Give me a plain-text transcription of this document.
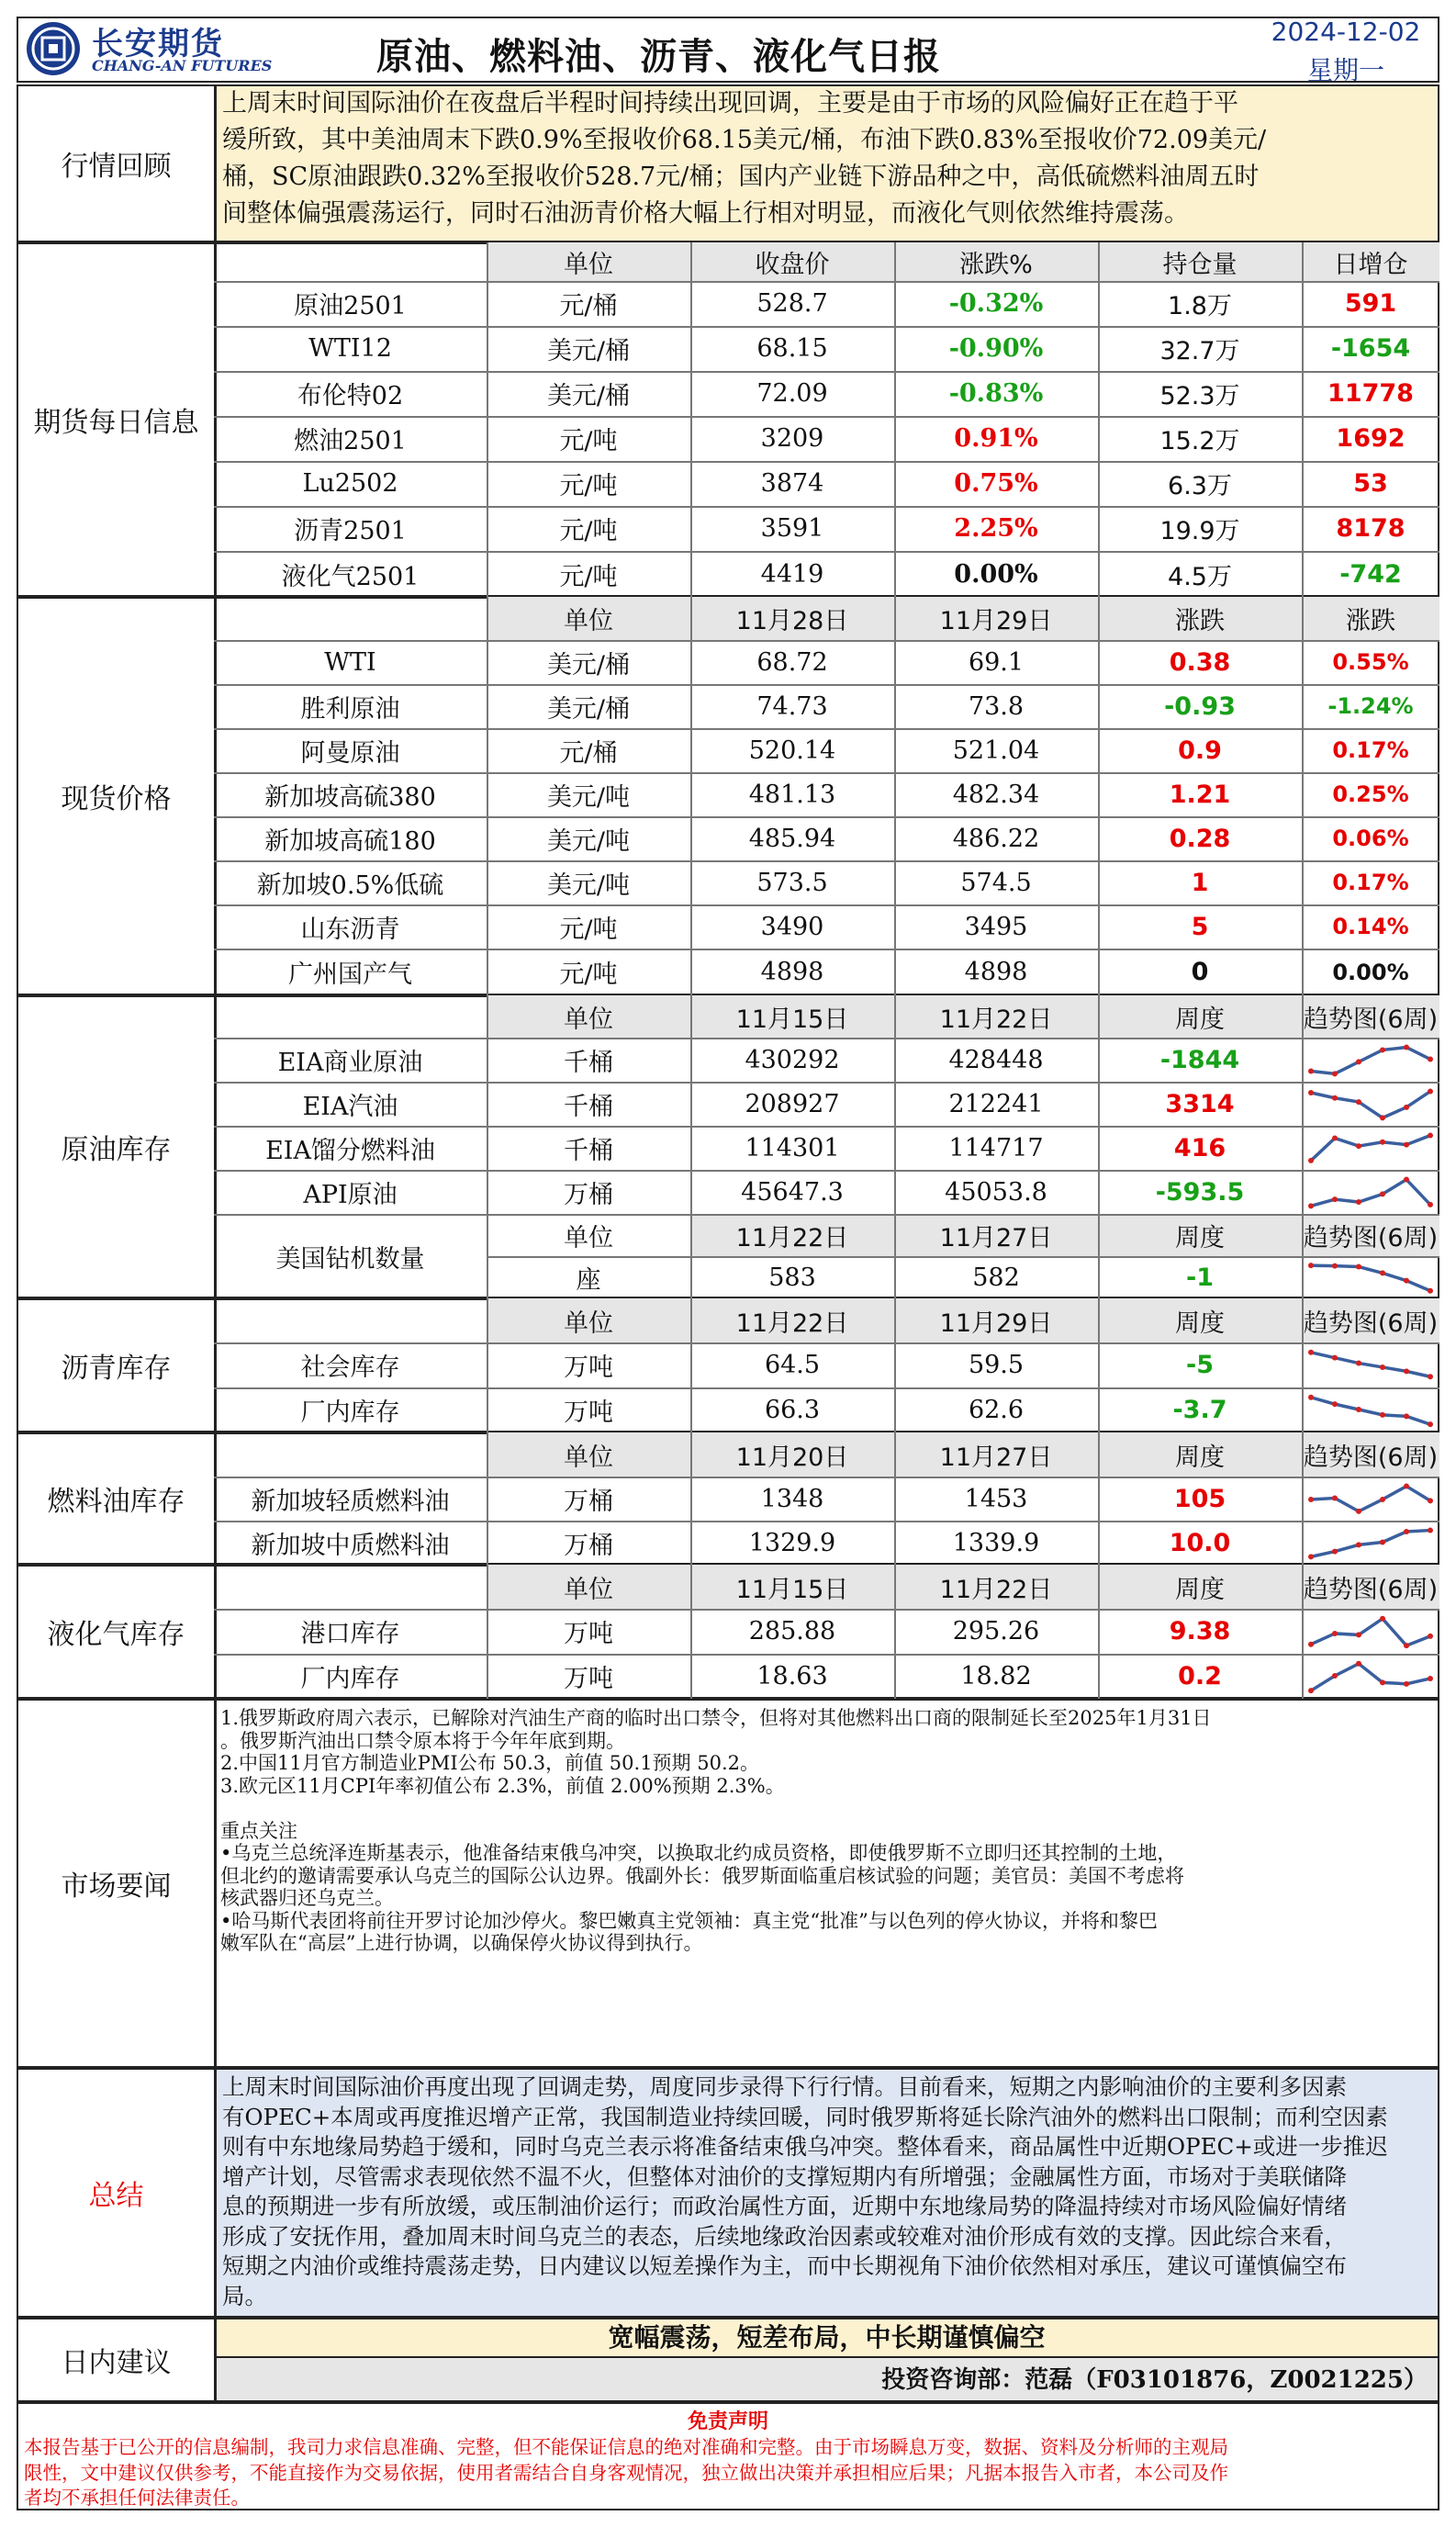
长安期货
CHANG-AN FUTURES	原油、燃料油、沥青、液化气日报
2024-12-02
星期一
行情回顾
上周末时间国际油价在夜盘后半程时间持续出现回调，主要是由于市场的风险偏好正在趋于平
缓所致，其中美油周末下跌0.9%至报收价68.15美元/桶，布油下跌0.83%至报收价72.09美元/
桶，SC原油跟跌0.32%至报收价528.7元/桶；国内产业链下游品种之中，高低硫燃料油周五时
间整体偏强震荡运行，同时石油沥青价格大幅上行相对明显，而液化气则依然维持震荡。
期货每日信息
单位	收盘价	涨跌%	持仓量	日增仓
原油2501	元/桶	528.7	-0.32%	1.8万	591
WTI12	美元/桶	68.15	-0.90%	32.7万	-1654
布伦特02	美元/桶	72.09	-0.83%	52.3万	11778
燃油2501	元/吨	3209	0.91%	15.2万	1692
Lu2502	元/吨	3874	0.75%	6.3万	53
沥青2501	元/吨	3591	2.25%	19.9万	8178
液化气2501	元/吨	4419	0.00%	4.5万	-742
现货价格
单位	11月28日	11月29日	涨跌	涨跌
WTI	美元/桶	68.72	69.1	0.38	0.55%
胜利原油	美元/桶	74.73	73.8	-0.93	-1.24%
阿曼原油	元/桶	520.14	521.04	0.9	0.17%
新加坡高硫380	美元/吨	481.13	482.34	1.21	0.25%
新加坡高硫180	美元/吨	485.94	486.22	0.28	0.06%
新加坡0.5%低硫	美元/吨	573.5	574.5	1	0.17%
山东沥青	元/吨	3490	3495	5	0.14%
广州国产气	元/吨	4898	4898	0	0.00%
原油库存
单位	11月15日	11月22日	周度	趋势图(6周)
EIA商业原油	千桶	430292	428448	-1844
EIA汽油	千桶	208927	212241	3314
EIA馏分燃料油	千桶	114301	114717	416
API原油	万桶	45647.3	45053.8	-593.5
单位	11月22日	11月27日	周度	趋势图(6周)
美国钻机数量
座	583	582	-1
沥青库存
单位	11月22日	11月29日	周度	趋势图(6周)
社会库存	万吨	64.5	59.5	-5
厂内库存	万吨	66.3	62.6	-3.7
燃料油库存
单位	11月20日	11月27日	周度	趋势图(6周)
新加坡轻质燃料油	万桶	1348	1453	105
新加坡中质燃料油	万桶	1329.9	1339.9	10.0
液化气库存
单位	11月15日	11月22日	周度	趋势图(6周)
港口库存	万吨	285.88	295.26	9.38
厂内库存	万吨	18.63	18.82	0.2
市场要闻
1.俄罗斯政府周六表示，已解除对汽油生产商的临时出口禁令，但将对其他燃料出口商的限制延长至2025年1月31日
。俄罗斯汽油出口禁令原本将于今年年底到期。
2.中国11月官方制造业PMI公布 50.3，前值 50.1预期 50.2。
3.欧元区11月CPI年率初值公布 2.3%，前值 2.00%预期 2.3%。
重点关注
•乌克兰总统泽连斯基表示，他准备结束俄乌冲突，以换取北约成员资格，即使俄罗斯不立即归还其控制的土地，
但北约的邀请需要承认乌克兰的国际公认边界。俄副外长：俄罗斯面临重启核试验的问题；美官员：美国不考虑将
核武器归还乌克兰。
•哈马斯代表团将前往开罗讨论加沙停火。黎巴嫩真主党领袖：真主党“批准”与以色列的停火协议，并将和黎巴
嫩军队在“高层”上进行协调，以确保停火协议得到执行。
总结
上周末时间国际油价再度出现了回调走势，周度同步录得下行行情。目前看来，短期之内影响油价的主要利多因素
有OPEC+本周或再度推迟增产正常，我国制造业持续回暖，同时俄罗斯将延长除汽油外的燃料出口限制；而利空因素
则有中东地缘局势趋于缓和，同时乌克兰表示将准备结束俄乌冲突。整体看来，商品属性中近期OPEC+或进一步推迟
增产计划，尽管需求表现依然不温不火，但整体对油价的支撑短期内有所增强；金融属性方面，市场对于美联储降
息的预期进一步有所放缓，或压制油价运行；而政治属性方面，近期中东地缘局势的降温持续对市场风险偏好情绪
形成了安抚作用，叠加周末时间乌克兰的表态，后续地缘政治因素或较难对油价形成有效的支撑。因此综合来看，
短期之内油价或维持震荡走势，日内建议以短差操作为主，而中长期视角下油价依然相对承压，建议可谨慎偏空布
局。
日内建议
宽幅震荡，短差布局，中长期谨慎偏空
投资咨询部：范磊（F03101876，Z0021225）
免责声明
本报告基于已公开的信息编制，我司力求信息准确、完整，但不能保证信息的绝对准确和完整。由于市场瞬息万变，数据、资料及分析师的主观局
限性，文中建议仅供参考，不能直接作为交易依据，使用者需结合自身客观情况，独立做出决策并承担相应后果；凡据本报告入市者，本公司及作
者均不承担任何法律责任。
